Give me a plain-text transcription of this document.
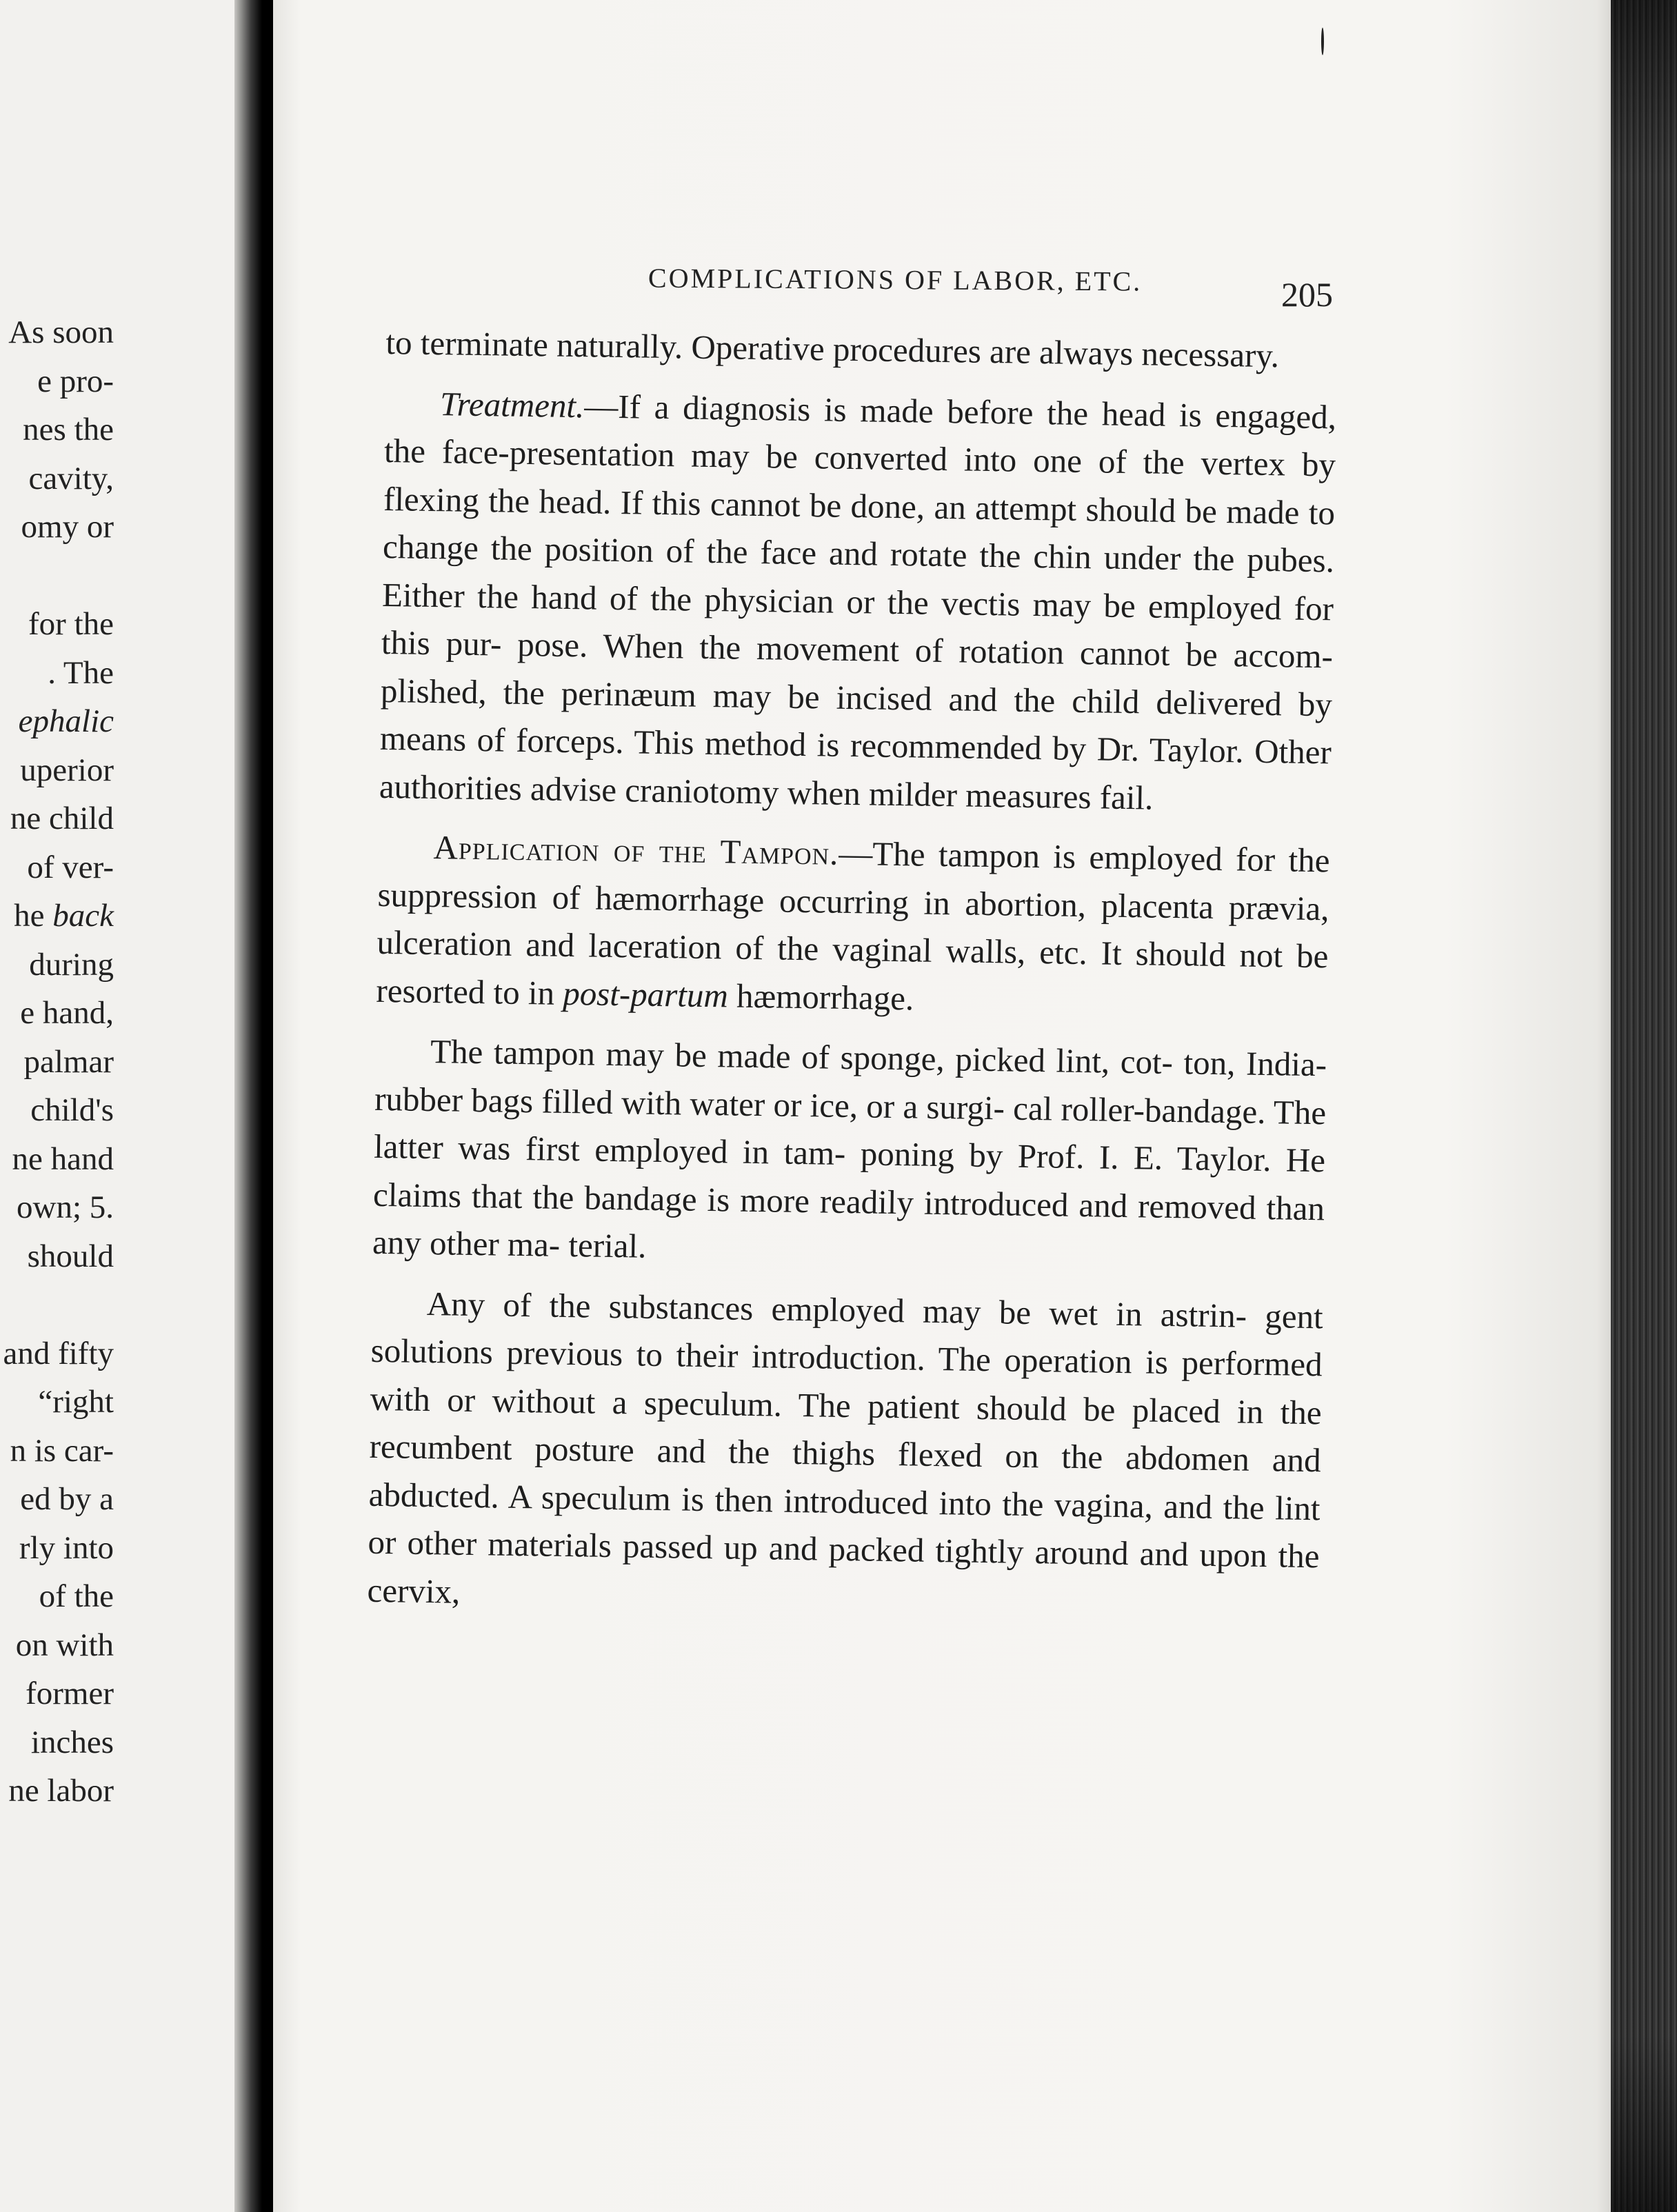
As soon
e pro-
nes the
cavity,
omy or
for the
. The
ephalic
uperior
ne child
of ver-
he back
during
e hand,
palmar
child's
ne hand
own; 5.
should
and fifty
“right
n is car-
ed by a
rly into
of the
on with
former
inches
ne labor
COMPLICATIONS OF LABOR, ETC.	205

to terminate naturally. Operative procedures are always necessary.

Treatment.—If a diagnosis is made before the head is engaged, the face-presentation may be converted into one of the vertex by flexing the head. If this cannot be done, an attempt should be made to change the position of the face and rotate the chin under the pubes. Either the hand of the physician or the vectis may be employed for this pur- pose. When the movement of rotation cannot be accom- plished, the perinæum may be incised and the child delivered by means of forceps. This method is recommended by Dr. Taylor. Other authorities advise craniotomy when milder measures fail.

Application of the Tampon.—The tampon is employed for the suppression of hæmorrhage occurring in abortion, placenta prævia, ulceration and laceration of the vaginal walls, etc. It should not be resorted to in post-partum hæmorrhage.

The tampon may be made of sponge, picked lint, cot- ton, India-rubber bags filled with water or ice, or a surgi- cal roller-bandage. The latter was first employed in tam- poning by Prof. I. E. Taylor. He claims that the bandage is more readily introduced and removed than any other ma- terial.

Any of the substances employed may be wet in astrin- gent solutions previous to their introduction. The operation is performed with or without a speculum. The patient should be placed in the recumbent posture and the thighs flexed on the abdomen and abducted. A speculum is then introduced into the vagina, and the lint or other materials passed up and packed tightly around and upon the cervix,
